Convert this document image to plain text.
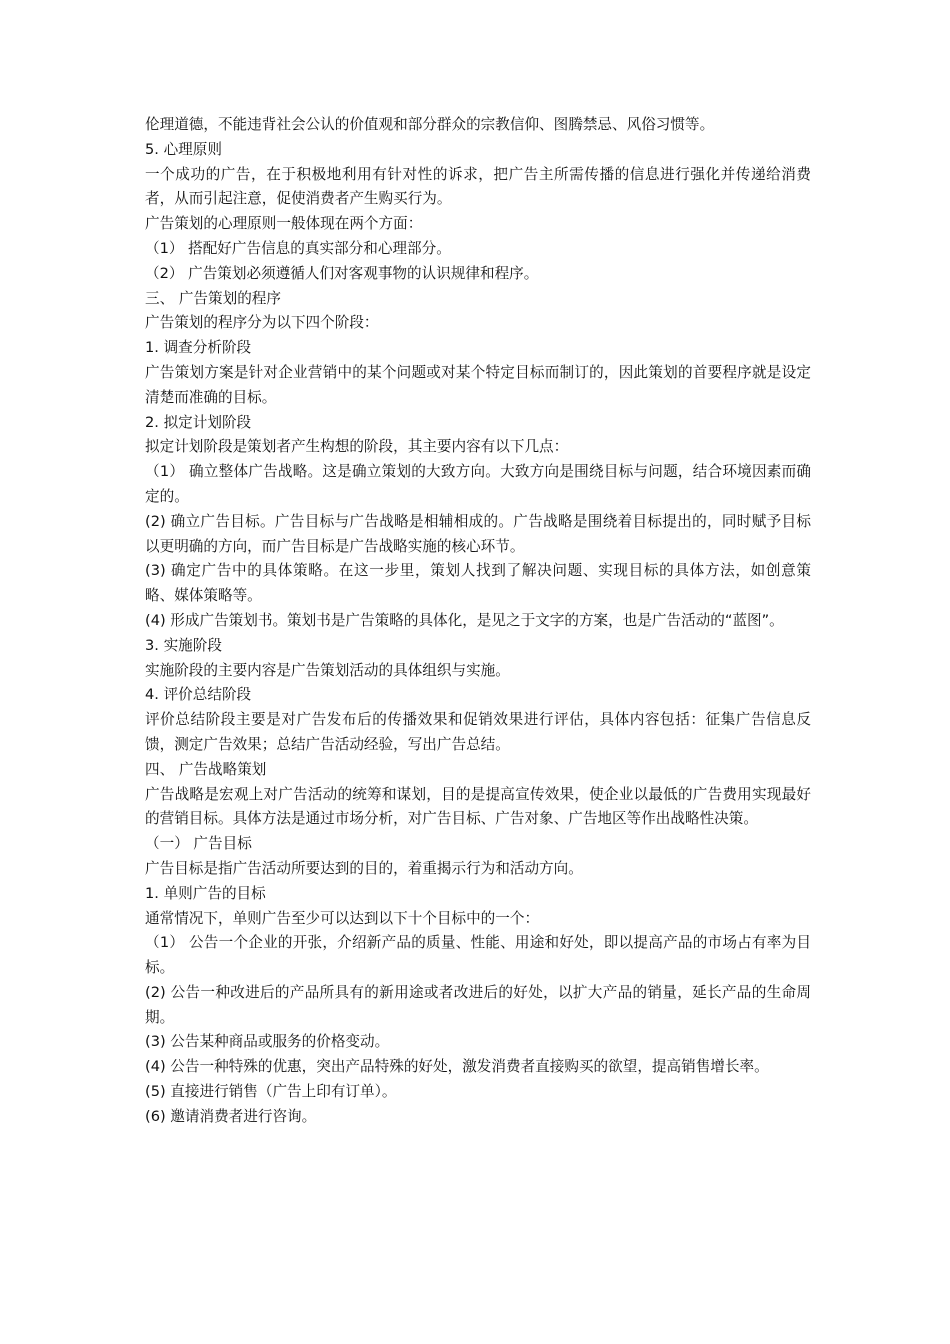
伦理道德，不能违背社会公认的价值观和部分群众的宗教信仰、图腾禁忌、风俗习惯等。

5. 心理原则

一个成功的广告，在于积极地利用有针对性的诉求，把广告主所需传播的信息进行强化并传递给消费者，从而引起注意，促使消费者产生购买行为。

广告策划的心理原则一般体现在两个方面：

（1） 搭配好广告信息的真实部分和心理部分。

（2） 广告策划必须遵循人们对客观事物的认识规律和程序。

三、 广告策划的程序

广告策划的程序分为以下四个阶段：

1. 调查分析阶段

广告策划方案是针对企业营销中的某个问题或对某个特定目标而制订的，因此策划的首要程序就是设定清楚而准确的目标。

2. 拟定计划阶段

拟定计划阶段是策划者产生构想的阶段，其主要内容有以下几点：

（1） 确立整体广告战略。这是确立策划的大致方向。大致方向是围绕目标与问题，结合环境因素而确定的。

(2) 确立广告目标。广告目标与广告战略是相辅相成的。广告战略是围绕着目标提出的，同时赋予目标以更明确的方向，而广告目标是广告战略实施的核心环节。

(3) 确定广告中的具体策略。在这一步里，策划人找到了解决问题、实现目标的具体方法，如创意策略、媒体策略等。

(4) 形成广告策划书。策划书是广告策略的具体化，是见之于文字的方案，也是广告活动的“蓝图”。

3. 实施阶段

实施阶段的主要内容是广告策划活动的具体组织与实施。

4. 评价总结阶段

评价总结阶段主要是对广告发布后的传播效果和促销效果进行评估，具体内容包括：征集广告信息反馈，测定广告效果；总结广告活动经验，写出广告总结。

四、 广告战略策划

广告战略是宏观上对广告活动的统筹和谋划，目的是提高宣传效果，使企业以最低的广告费用实现最好的营销目标。具体方法是通过市场分析，对广告目标、广告对象、广告地区等作出战略性决策。

（一） 广告目标

广告目标是指广告活动所要达到的目的，着重揭示行为和活动方向。

1. 单则广告的目标

通常情况下，单则广告至少可以达到以下十个目标中的一个：

（1） 公告一个企业的开张，介绍新产品的质量、性能、用途和好处，即以提高产品的市场占有率为目标。

(2) 公告一种改进后的产品所具有的新用途或者改进后的好处，以扩大产品的销量，延长产品的生命周期。

(3) 公告某种商品或服务的价格变动。

(4) 公告一种特殊的优惠，突出产品特殊的好处，激发消费者直接购买的欲望，提高销售增长率。

(5) 直接进行销售（广告上印有订单）。

(6) 邀请消费者进行咨询。
